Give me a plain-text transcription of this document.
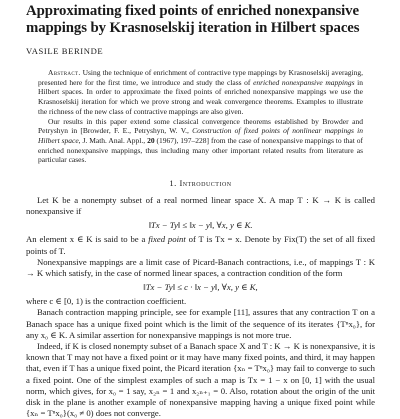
Approximating fixed points of enriched nonexpansive
mappings by Krasnoselskij iteration in Hilbert spaces
VASILE BERINDE

Abstract. Using the technique of enrichment of contractive type mappings by Krasnoselskij averaging, presented here for the first time, we introduce and study the class of enriched nonexpansive mappings in Hilbert spaces. In order to approximate the fixed points of enriched nonexpansive mappings we use the Krasnoselskij iteration for which we prove strong and weak convergence theorems. Examples to illustrate the richness of the new class of contractive mappings are also given.

Our results in this paper extend some classical convergence theorems established by Browder and Petryshyn in [Browder, F. E., Petryshyn, W. V., Construction of fixed points of nonlinear mappings in Hilbert space, J. Math. Anal. Appl., 20 (1967), 197–228] from the case of nonexpansive mappings to that of enriched nonexpansive mappings, thus including many other important related results from literature as particular cases.

1. Introduction

Let K be a nonempty subset of a real normed linear space X. A map T : K → K is called nonexpansive if

‖Tx − Ty‖ ≤ ‖x − y‖, ∀x, y ∈ K.

An element x ∈ K is said to be a fixed point of T is Tx = x. Denote by Fix(T) the set of all fixed points of T.

Nonexpansive mappings are a limit case of Picard-Banach contractions, i.e., of mappings T : K → K which satisfy, in the case of normed linear spaces, a contraction condition of the form

‖Tx − Ty‖ ≤ c · ‖x − y‖, ∀x, y ∈ K,

where c ∈ [0, 1) is the contraction coefficient.

Banach contraction mapping principle, see for example [11], assures that any contraction T on a Banach space has a unique fixed point which is the limit of the sequence of its iterates {Tⁿx₀}, for any x₀ ∈ K. A similar assertion for nonexpansive mappings is not more true.

Indeed, if K is closed nonempty subset of a Banach space X and T : K → K is nonexpansive, it is known that T may not have a fixed point or it may have many fixed points, and third, it may happen that, even if T has a unique fixed point, the Picard iteration {xₙ = Tⁿx₀} may fail to converge to such a fixed point. One of the simplest examples of such a map is Tx = 1 − x on [0, 1] with the usual norm, which gives, for x₀ = 1 say, x₂ₙ = 1 and x₂ₙ₊₁ = 0. Also, rotation about the origin of the unit disk in the plane is another example of nonexpansive mapping having a unique fixed point while {xₙ = Tⁿx₀}(x₀ ≠ 0) does not converge.
